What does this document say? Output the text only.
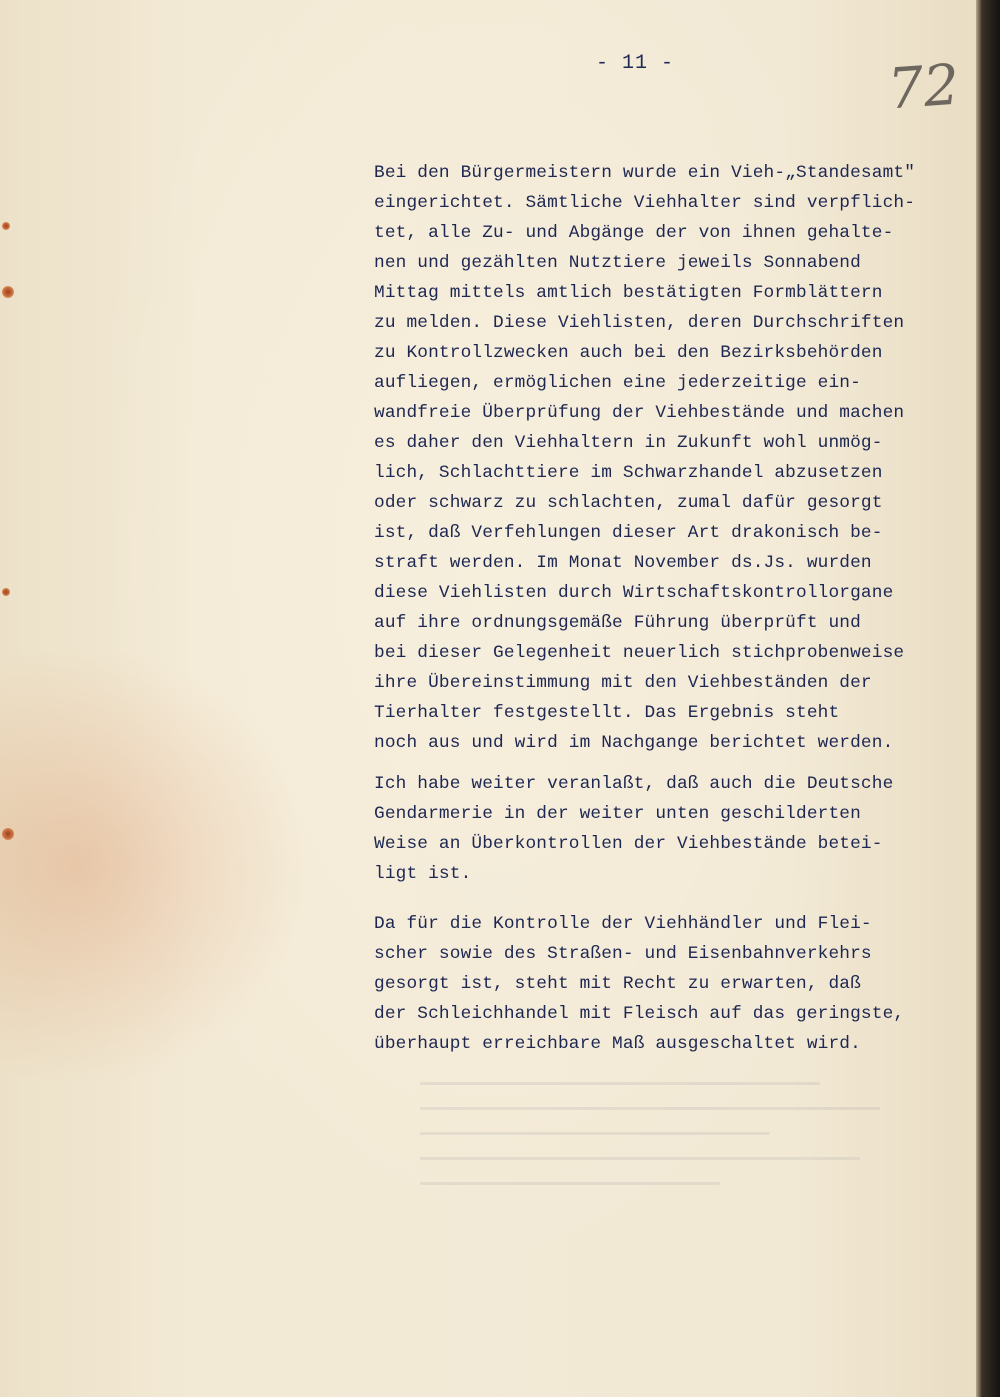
- 11 -	72
Bei den Bürgermeistern wurde ein Vieh-„Standesamt"
eingerichtet. Sämtliche Viehhalter sind verpflich-
tet, alle Zu- und Abgänge der von ihnen gehalte-
nen und gezählten Nutztiere jeweils Sonnabend
Mittag mittels amtlich bestätigten Formblättern
zu melden. Diese Viehlisten, deren Durchschriften
zu Kontrollzwecken auch bei den Bezirksbehörden
aufliegen, ermöglichen eine jederzeitige ein-
wandfreie Überprüfung der Viehbestände und machen
es daher den Viehhaltern in Zukunft wohl unmög-
lich, Schlachttiere im Schwarzhandel abzusetzen
oder schwarz zu schlachten, zumal dafür gesorgt
ist, daß Verfehlungen dieser Art drakonisch be-
straft werden. Im Monat November ds.Js. wurden
diese Viehlisten durch Wirtschaftskontrollorgane
auf ihre ordnungsgemäße Führung überprüft und
bei dieser Gelegenheit neuerlich stichprobenweise
ihre Übereinstimmung mit den Viehbeständen der
Tierhalter festgestellt. Das Ergebnis steht
noch aus und wird im Nachgange berichtet werden.
Ich habe weiter veranlaßt, daß auch die Deutsche
Gendarmerie in der weiter unten geschilderten
Weise an Überkontrollen der Viehbestände betei-
ligt ist.
Da für die Kontrolle der Viehhändler und Flei-
scher sowie des Straßen- und Eisenbahnverkehrs
gesorgt ist, steht mit Recht zu erwarten, daß
der Schleichhandel mit Fleisch auf das geringste,
überhaupt erreichbare Maß ausgeschaltet wird.
